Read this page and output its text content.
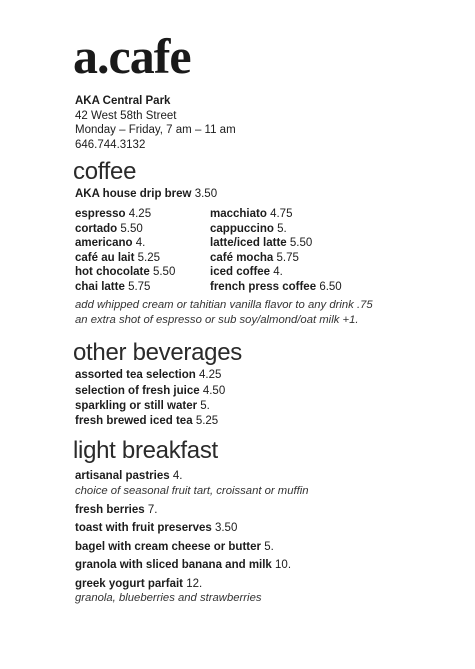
a.cafe
AKA Central Park
42 West 58th Street
Monday – Friday, 7 am – 11 am
646.744.3132
coffee
AKA house drip brew 3.50
espresso 4.25
cortado 5.50
americano 4.
café au lait 5.25
hot chocolate 5.50
chai latte 5.75
macchiato 4.75
cappuccino 5.
latte/iced latte 5.50
café mocha 5.75
iced coffee 4.
french press coffee 6.50
add whipped cream or tahitian vanilla flavor to any drink .75
an extra shot of espresso or sub soy/almond/oat milk +1.
other beverages
assorted tea selection 4.25
selection of fresh juice 4.50
sparkling or still water 5.
fresh brewed iced tea 5.25
light breakfast
artisanal pastries 4.
choice of seasonal fruit tart, croissant or muffin
fresh berries 7.
toast with fruit preserves 3.50
bagel with cream cheese or butter 5.
granola with sliced banana and milk 10.
greek yogurt parfait 12.
granola, blueberries and strawberries
